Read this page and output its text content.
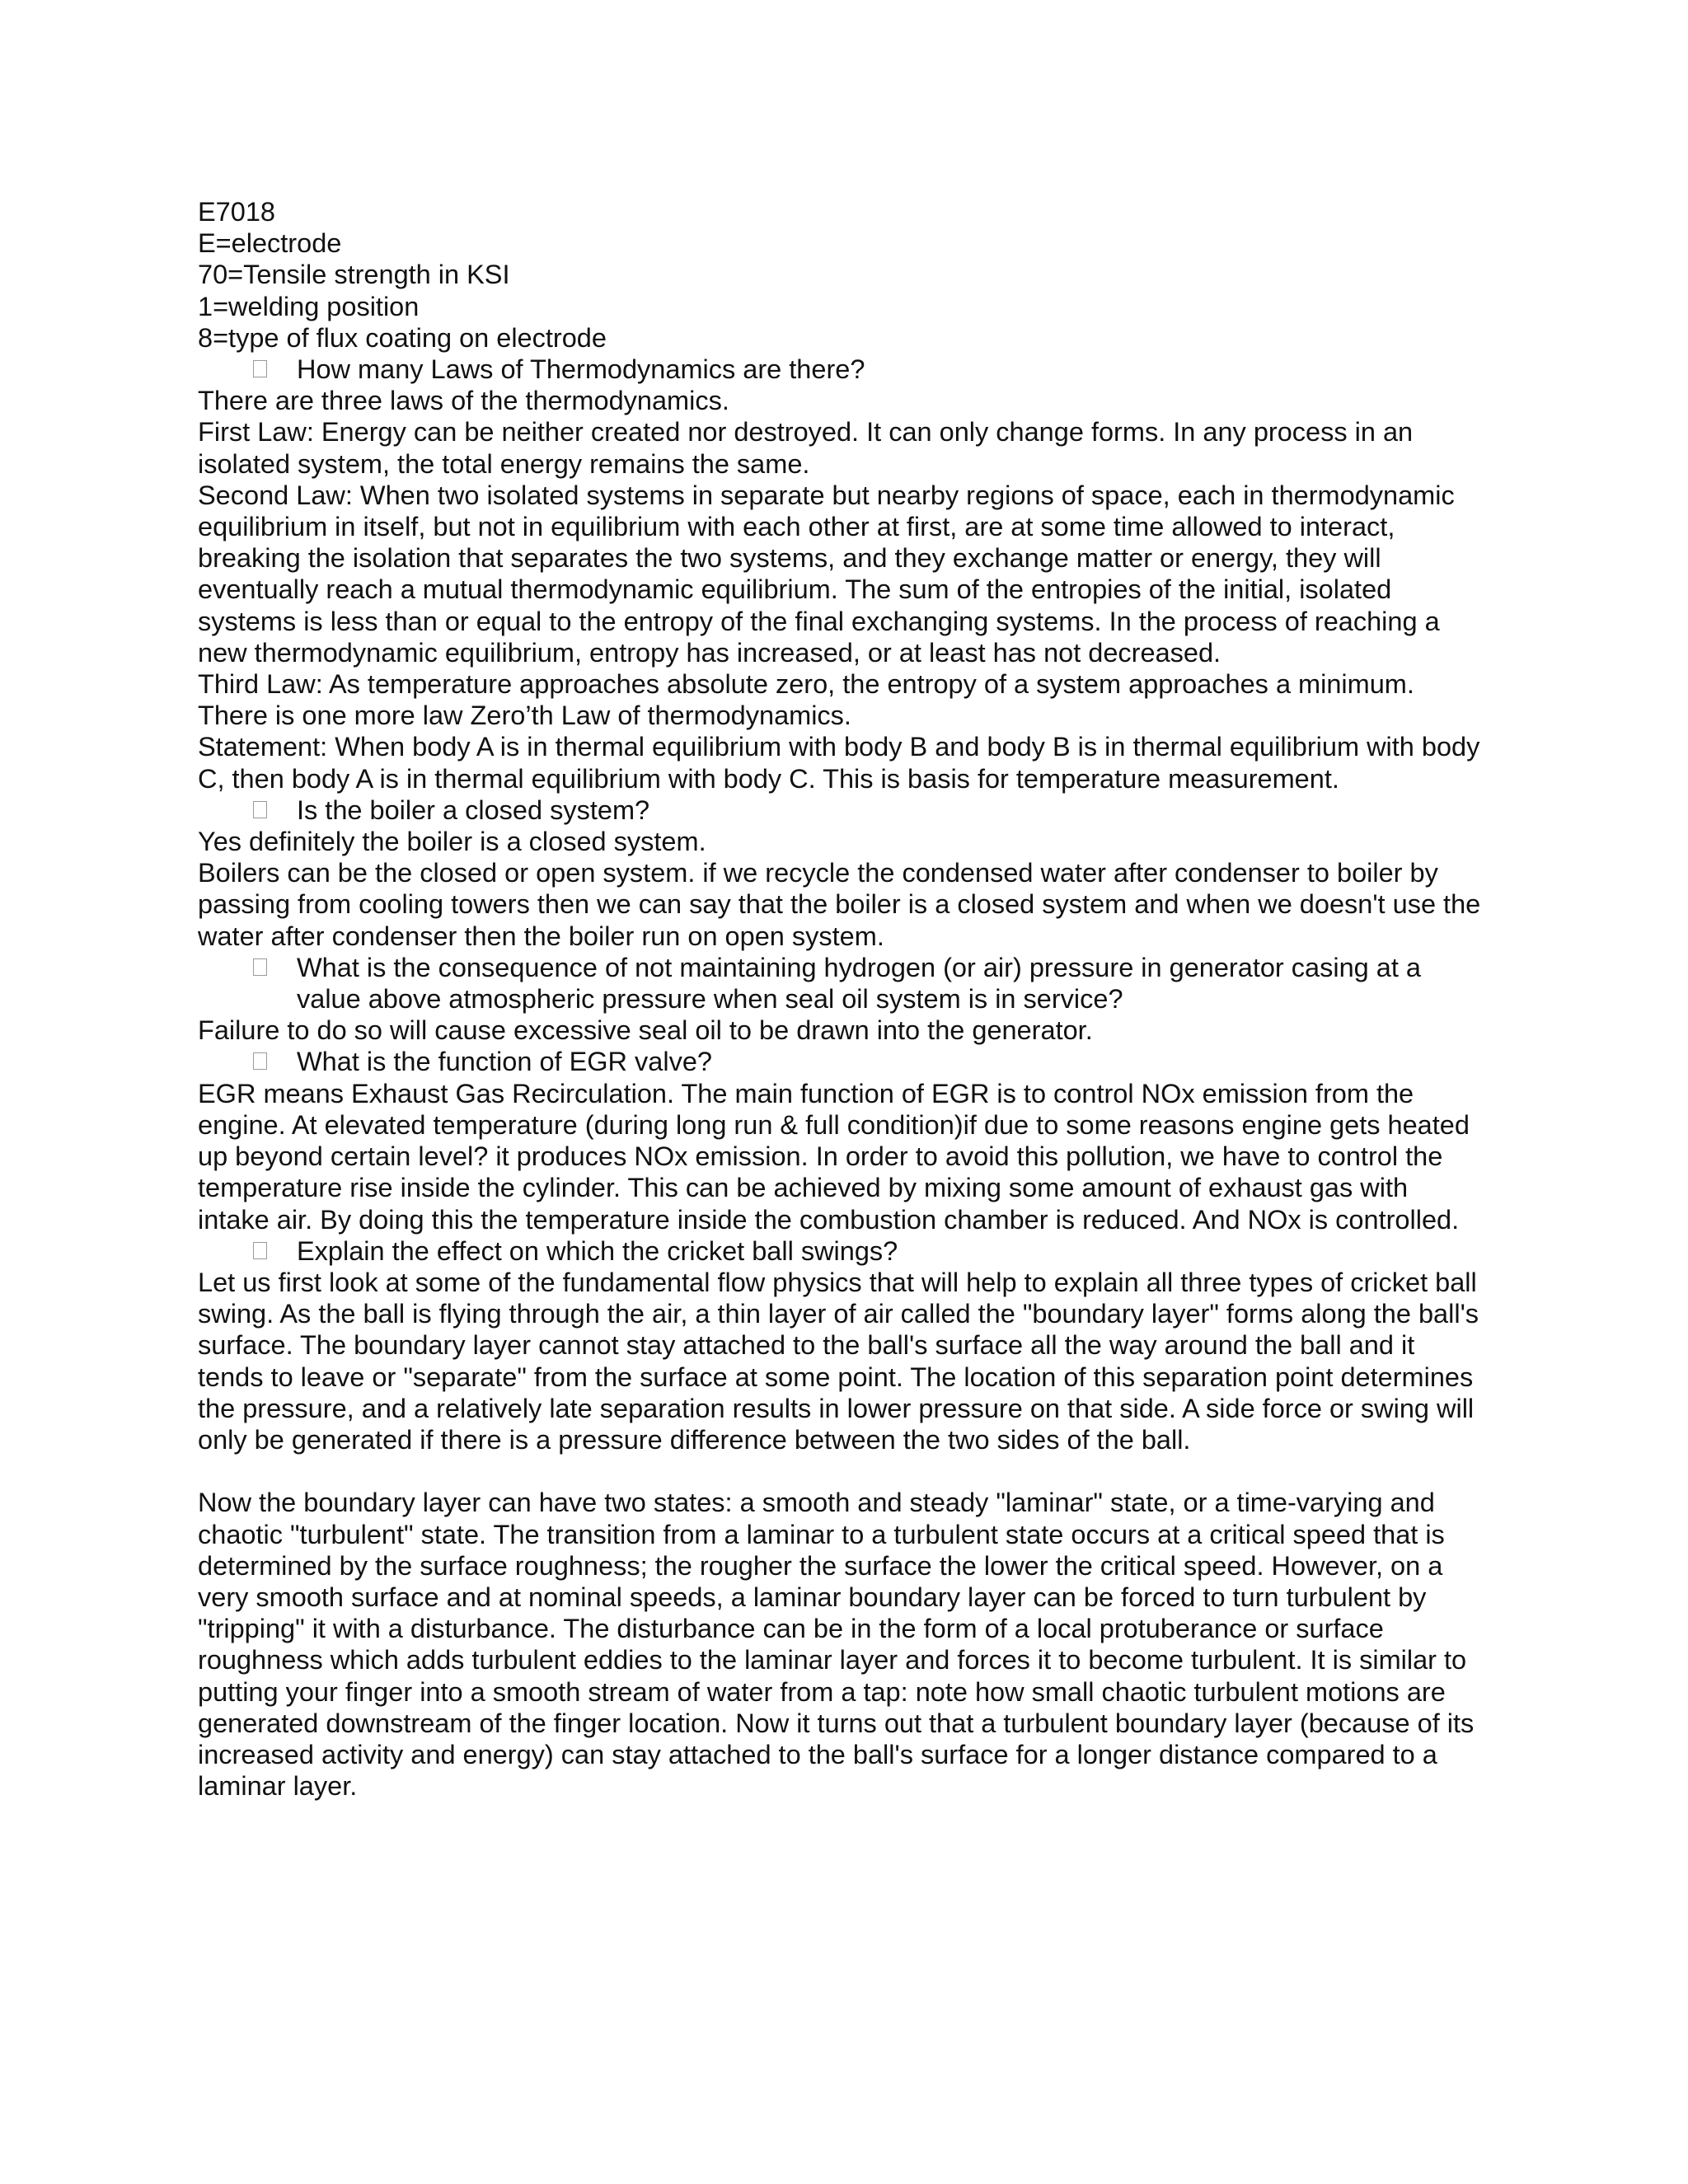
E7018

E=electrode

70=Tensile strength in KSI

1=welding position

8=type of flux coating on electrode

How many Laws of Thermodynamics are there?

There are three laws of the thermodynamics.

First Law: Energy can be neither created nor destroyed. It can only change forms. In any process in an isolated system, the total energy remains the same.

Second Law: When two isolated systems in separate but nearby regions of space, each in thermodynamic equilibrium in itself, but not in equilibrium with each other at first, are at some time allowed to interact, breaking the isolation that separates the two systems, and they exchange matter or energy, they will eventually reach a mutual thermodynamic equilibrium. The sum of the entropies of the initial, isolated systems is less than or equal to the entropy of the final exchanging systems. In the process of reaching a new thermodynamic equilibrium, entropy has increased, or at least has not decreased.

Third Law: As temperature approaches absolute zero, the entropy of a system approaches a minimum.

There is one more law Zero’th Law of thermodynamics.

Statement: When body A is in thermal equilibrium with body B and body B is in thermal equilibrium with body C, then body A is in thermal equilibrium with body C. This is basis for temperature measurement.

Is the boiler a closed system?

Yes definitely the boiler is a closed system.

Boilers can be the closed or open system. if we recycle the condensed water after condenser to boiler by passing from cooling towers then we can say that the boiler is a closed system and when we doesn't use the water after condenser then the boiler run on open system.

What is the consequence of not maintaining hydrogen (or air) pressure in generator casing at a value above atmospheric pressure when seal oil system is in service?

Failure to do so will cause excessive seal oil to be drawn into the generator.

What is the function of EGR valve?

EGR means Exhaust Gas Recirculation. The main function of EGR is to control NOx emission from the engine. At elevated temperature (during long run & full condition)if due to some reasons engine gets heated up beyond certain level? it produces NOx emission. In order to avoid this pollution, we have to control the temperature rise inside the cylinder. This can be achieved by mixing some amount of exhaust gas with intake air. By doing this the temperature inside the combustion chamber is reduced. And NOx is controlled.

Explain the effect on which the cricket ball swings?

Let us first look at some of the fundamental flow physics that will help to explain all three types of cricket ball swing. As the ball is flying through the air, a thin layer of air called the "boundary layer" forms along the ball's surface. The boundary layer cannot stay attached to the ball's surface all the way around the ball and it tends to leave or "separate" from the surface at some point. The location of this separation point determines the pressure, and a relatively late separation results in lower pressure on that side. A side force or swing will only be generated if there is a pressure difference between the two sides of the ball.

Now the boundary layer can have two states: a smooth and steady "laminar" state, or a time-varying and chaotic "turbulent" state. The transition from a laminar to a turbulent state occurs at a critical speed that is determined by the surface roughness; the rougher the surface the lower the critical speed. However, on a very smooth surface and at nominal speeds, a laminar boundary layer can be forced to turn turbulent by "tripping" it with a disturbance. The disturbance can be in the form of a local protuberance or surface roughness which adds turbulent eddies to the laminar layer and forces it to become turbulent. It is similar to putting your finger into a smooth stream of water from a tap: note how small chaotic turbulent motions are generated downstream of the finger location. Now it turns out that a turbulent boundary layer (because of its increased activity and energy) can stay attached to the ball's surface for a longer distance compared to a laminar layer.
